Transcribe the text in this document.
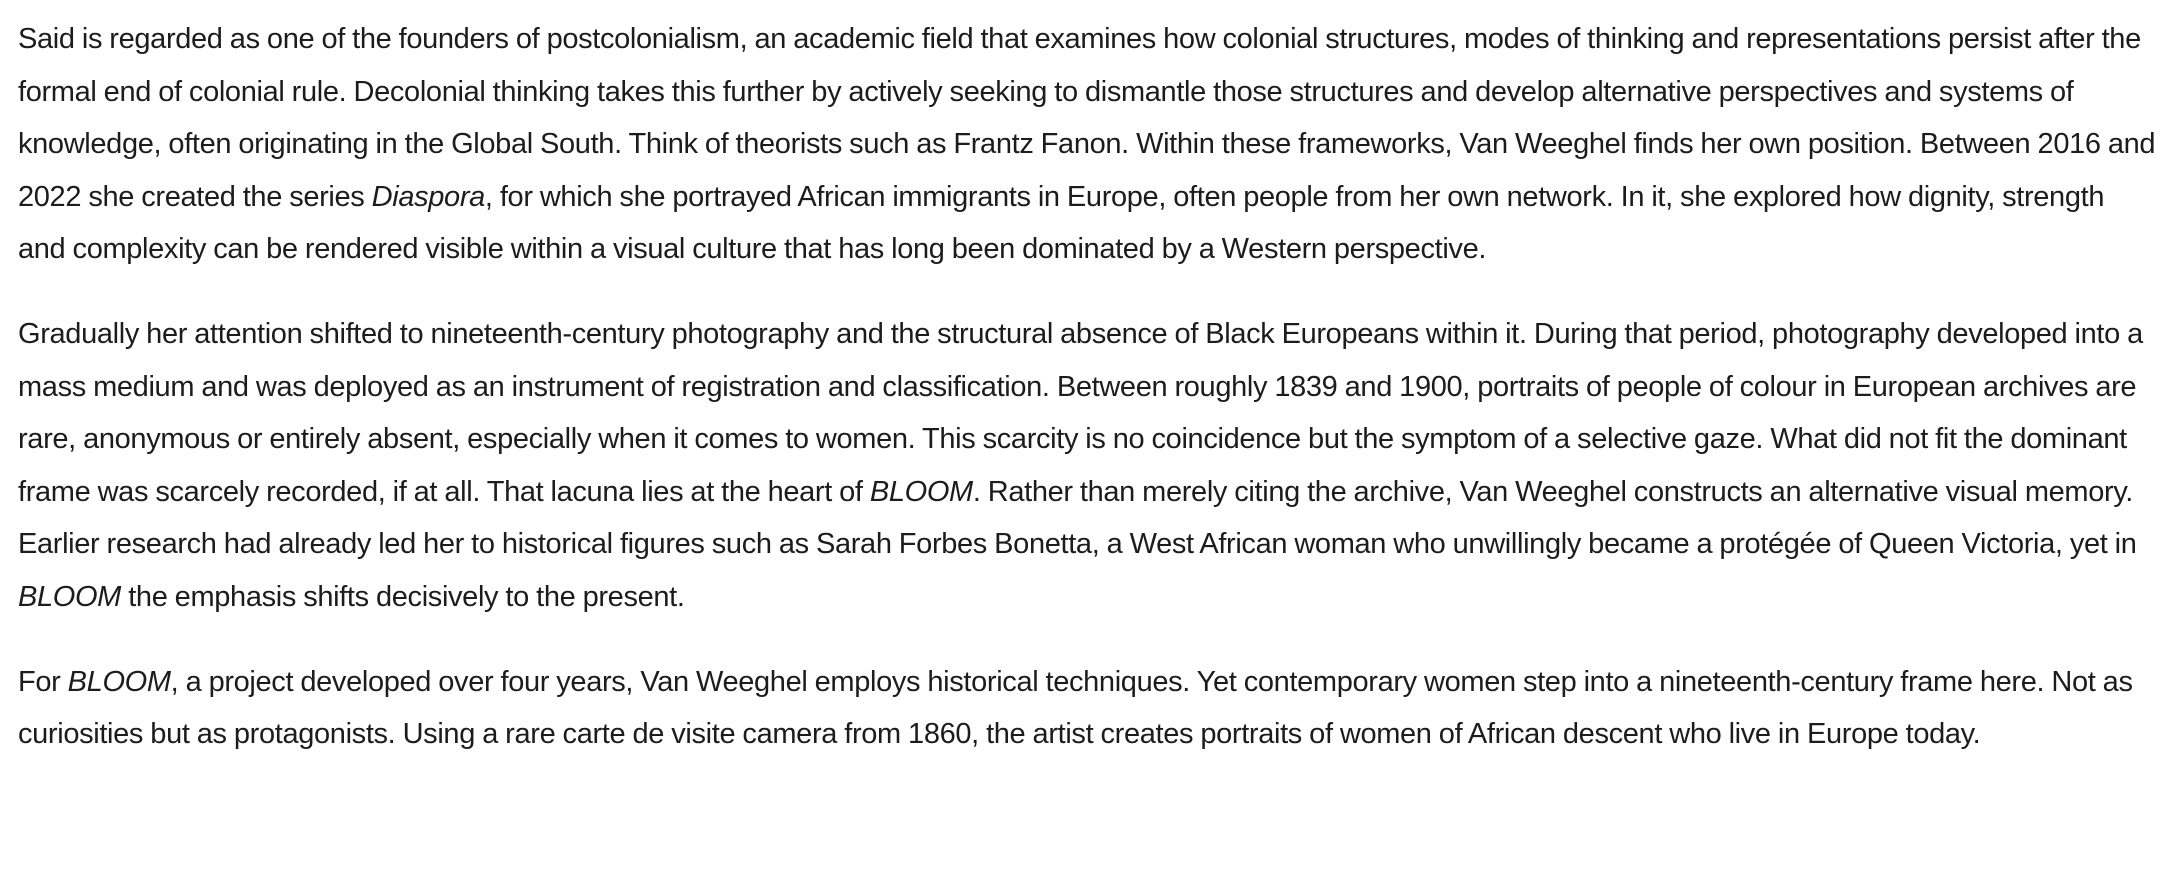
Said is regarded as one of the founders of postcolonialism, an academic field that examines how colonial structures, modes of thinking and representations persist after the formal end of colonial rule. Decolonial thinking takes this further by actively seeking to dismantle those structures and develop alternative perspectives and systems of knowledge, often originating in the Global South. Think of theorists such as Frantz Fanon. Within these frameworks, Van Weeghel finds her own position. Between 2016 and 2022 she created the series Diaspora, for which she portrayed African immigrants in Europe, often people from her own network. In it, she explored how dignity, strength and complexity can be rendered visible within a visual culture that has long been dominated by a Western perspective.

Gradually her attention shifted to nineteenth-century photography and the structural absence of Black Europeans within it. During that period, photography developed into a mass medium and was deployed as an instrument of registration and classification. Between roughly 1839 and 1900, portraits of people of colour in European archives are rare, anonymous or entirely absent, especially when it comes to women. This scarcity is no coincidence but the symptom of a selective gaze. What did not fit the dominant frame was scarcely recorded, if at all. That lacuna lies at the heart of BLOOM. Rather than merely citing the archive, Van Weeghel constructs an alternative visual memory. Earlier research had already led her to historical figures such as Sarah Forbes Bonetta, a West African woman who unwillingly became a protégée of Queen Victoria, yet in BLOOM the emphasis shifts decisively to the present.

For BLOOM, a project developed over four years, Van Weeghel employs historical techniques. Yet contemporary women step into a nineteenth-century frame here. Not as curiosities but as protagonists. Using a rare carte de visite camera from 1860, the artist creates portraits of women of African descent who live in Europe today.
